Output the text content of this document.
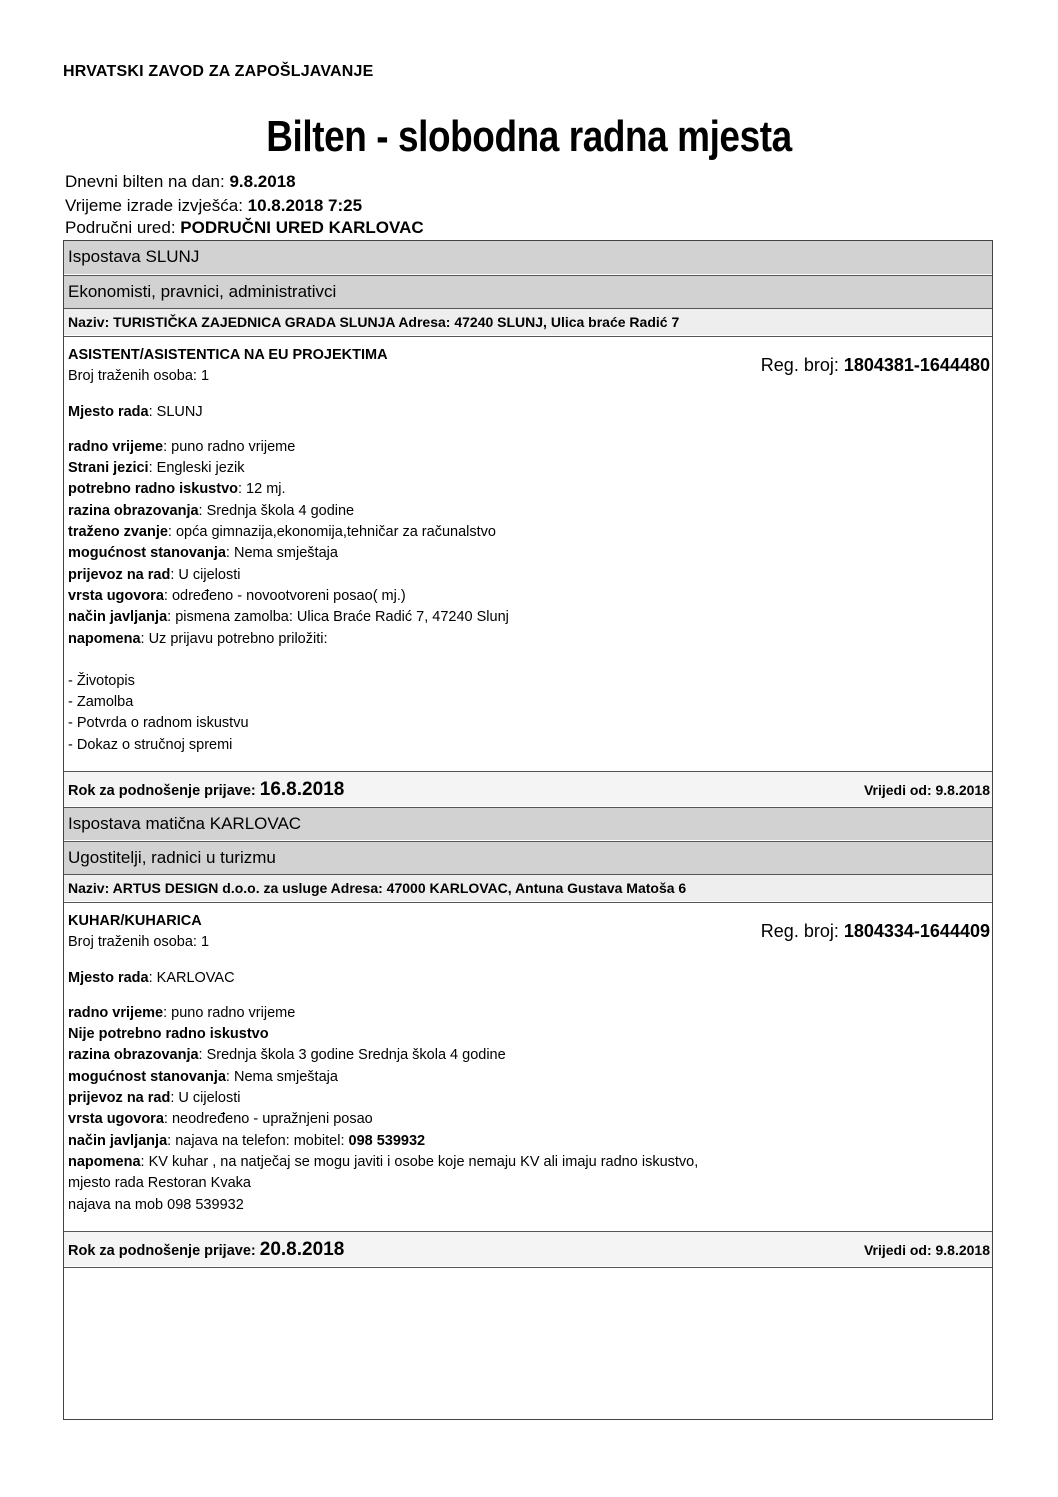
HRVATSKI ZAVOD ZA ZAPOŠLJAVANJE
Bilten - slobodna radna mjesta
Dnevni bilten na dan: 9.8.2018
Vrijeme izrade izvješća: 10.8.2018 7:25
Područni ured: PODRUČNI URED KARLOVAC
Ispostava SLUNJ
Ekonomisti, pravnici, administrativci
Naziv: TURISTIČKA ZAJEDNICA GRADA SLUNJA Adresa: 47240 SLUNJ, Ulica braće Radić 7
Reg. broj: 1804381-1644480
ASISTENT/ASISTENTICA NA EU PROJEKTIMA
Broj traženih osoba: 1
Mjesto rada: SLUNJ
radno vrijeme: puno radno vrijeme
Strani jezici: Engleski jezik
potrebno radno iskustvo: 12 mj.
razina obrazovanja: Srednja škola 4 godine
traženo zvanje: opća gimnazija,ekonomija,tehničar za računalstvo
mogućnost stanovanja: Nema smještaja
prijevoz na rad: U cijelosti
vrsta ugovora: određeno - novootvoreni posao( mj.)
način javljanja: pismena zamolba: Ulica Braće Radić 7, 47240 Slunj
napomena: Uz prijavu potrebno priložiti:
- Životopis
- Zamolba
- Potvrda o radnom iskustvu
- Dokaz o stručnoj spremi
Rok za podnošenje prijave: 16.8.2018	Vrijedi od: 9.8.2018
Ispostava matična KARLOVAC
Ugostitelji, radnici u turizmu
Naziv: ARTUS DESIGN d.o.o. za usluge Adresa: 47000 KARLOVAC, Antuna Gustava Matoša 6
Reg. broj: 1804334-1644409
KUHAR/KUHARICA
Broj traženih osoba: 1
Mjesto rada: KARLOVAC
radno vrijeme: puno radno vrijeme
Nije potrebno radno iskustvo
razina obrazovanja: Srednja škola 3 godine Srednja škola 4 godine
mogućnost stanovanja: Nema smještaja
prijevoz na rad: U cijelosti
vrsta ugovora: neodređeno - upražnjeni posao
način javljanja: najava na telefon: mobitel: 098 539932
napomena: KV kuhar , na natječaj se mogu javiti i osobe koje nemaju KV ali imaju radno iskustvo,
mjesto rada Restoran Kvaka
najava na mob 098 539932
Rok za podnošenje prijave: 20.8.2018	Vrijedi od: 9.8.2018
